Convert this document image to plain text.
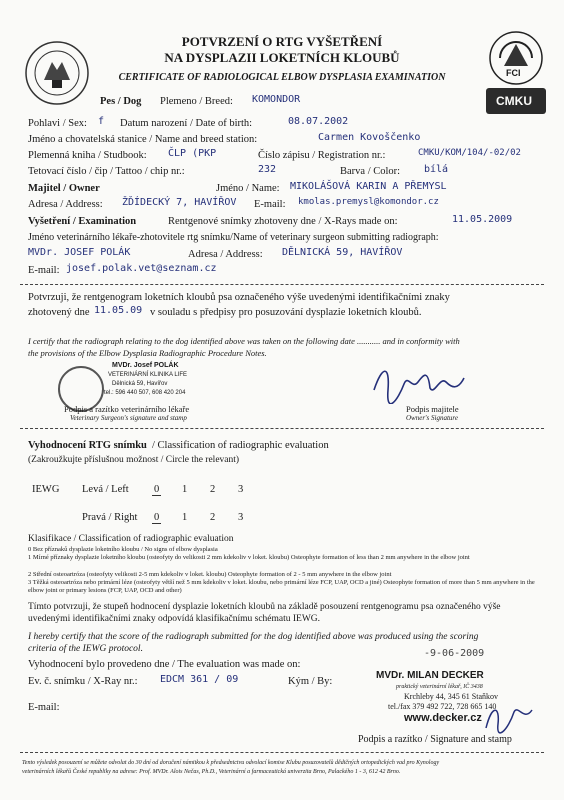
FCI
CMKU
POTVRZENÍ O RTG VYŠETŘENÍ
NA DYSPLAZII LOKETNÍCH KLOUBŮ
CERTIFICATE OF RADIOLOGICAL ELBOW DYSPLASIA EXAMINATION
Pes / Dog Plemeno / Breed: KOMONDOR
Pohlavi / Sex: f Datum narození / Date of birth:	08.07.2002
Jméno a chovatelská stanice / Name and breed station:	Carmen Kovoščenko
Plemenná kniha / Studbook: ČLP (PKP	Číslo zápisu / Registration nr.:	CMKU/KOM/104/-02/02
Tetovací číslo / čip / Tattoo / chip nr.:	232	Barva / Color: bílá
Majitel / Owner	Jméno / Name: MIKOLÁŠOVÁ KARIN A PŘEMYSL
Adresa / Address: ŽĎÍDECKÝ 7, HAVÍŘOV E-mail: kmolas.premysl@komondor.cz
Vyšetření / Examination	Rentgenové snímky zhotoveny dne / X-Rays made on:	11.05.2009
Jméno veterinárního lékaře-zhotovitele rtg snímku/Name of veterinary surgeon submitting radiograph:
MVDr. JOSEF POLÁK	Adresa / Address: DĚLNICKÁ 59, HAVÍŘOV
E-mail: josef.polak.vet@seznam.cz
Potvrzuji, že rentgenogram loketních kloubů psa označeného výše uvedenými identifikačními znaky
zhotovený dne 11.05.09 v souladu s předpisy pro posuzování dysplazie loketních kloubů.
I certify that the radiograph relating to the dog identified above was taken on the following date ........... and in conformity with
the provisions of the Elbow Dysplasia Radiographic Procedure Notes.
MVDr. Josef POLÁK
VETERINÁRNÍ KLINIKA LIFE
Dělnická 59, Havířov
tel.: 596 440 507, 608 420 204
Podpis a razítko veterinárního lékaře
Veterinary Surgeon's signature and stamp
Podpis majitele
Owner's Signature
Vyhodnocení RTG snímku / Classification of radiographic evaluation
(Zakroužkujte příslušnou možnost / Circle the relevant)
IEWG Levá / Left 0 1 2 3
Pravá / Right 0 1 2 3
Klasifikace / Classification of radiographic evaluation
0 Bez příznaků dysplazie loketního kloubu / No signs of elbow dysplasia
1 Mírné příznaky dysplazie loketního kloubu (osteofyty do velikosti 2 mm kdekoliv v loket. kloubu) Osteophyte formation of less than 2 mm anywhere in the elbow joint
2 Střední osteoartróza (osteofyty velikosti 2-5 mm kdekoliv v loket. kloubu) Osteophyte formation of 2 - 5 mm anywhere in the elbow joint
3 Těžká osteoartróza nebo primární léze (osteofyty větší než 5 mm kdekoliv v loket. kloubu, nebo primární léze FCP, UAP, OCD a jiné) Osteophyte formation of more than 5 mm anywhere in the elbow joint or primary lesions (FCP, UAP, OCD and other)
Tímto potvrzuji, že stupeň hodnocení dysplazie loketních kloubů na základě posouzení rentgenogramu psa označeného výše
uvedenými identifikačními znaky odpovídá klasifikačnímu schématu IEWG.
I hereby certify that the score of the radiograph submitted for the dog identified above was produced using the scoring
criteria of the IEWG protocol.
Vyhodnocení bylo provedeno dne / The evaluation was made on:
-9-06-2009
Ev. č. snímku / X-Ray nr.: EDCM 361 / 09	Kým / By:
E-mail:
MVDr. MILAN DECKER
praktický veterinární lékař, IČ 3438
Krchleby 44, 345 61 Staňkov
tel./fax 379 492 722, 728 665 140
www.decker.cz
Podpis a razítko / Signature and stamp
Tento výsledek posouzení se můžete odvolat do 30 dní od doručení námitkou k předsednictvu odvolací komise Klubu posuzovatelů dědičných ortopedických vad pro Kynology
veterinárních lékařů České republiky na adrese: Prof. MVDr. Alois Nečas, Ph.D., Veterinární a farmaceutická univerzita Brno, Palackého 1 - 3, 612 42 Brno.
